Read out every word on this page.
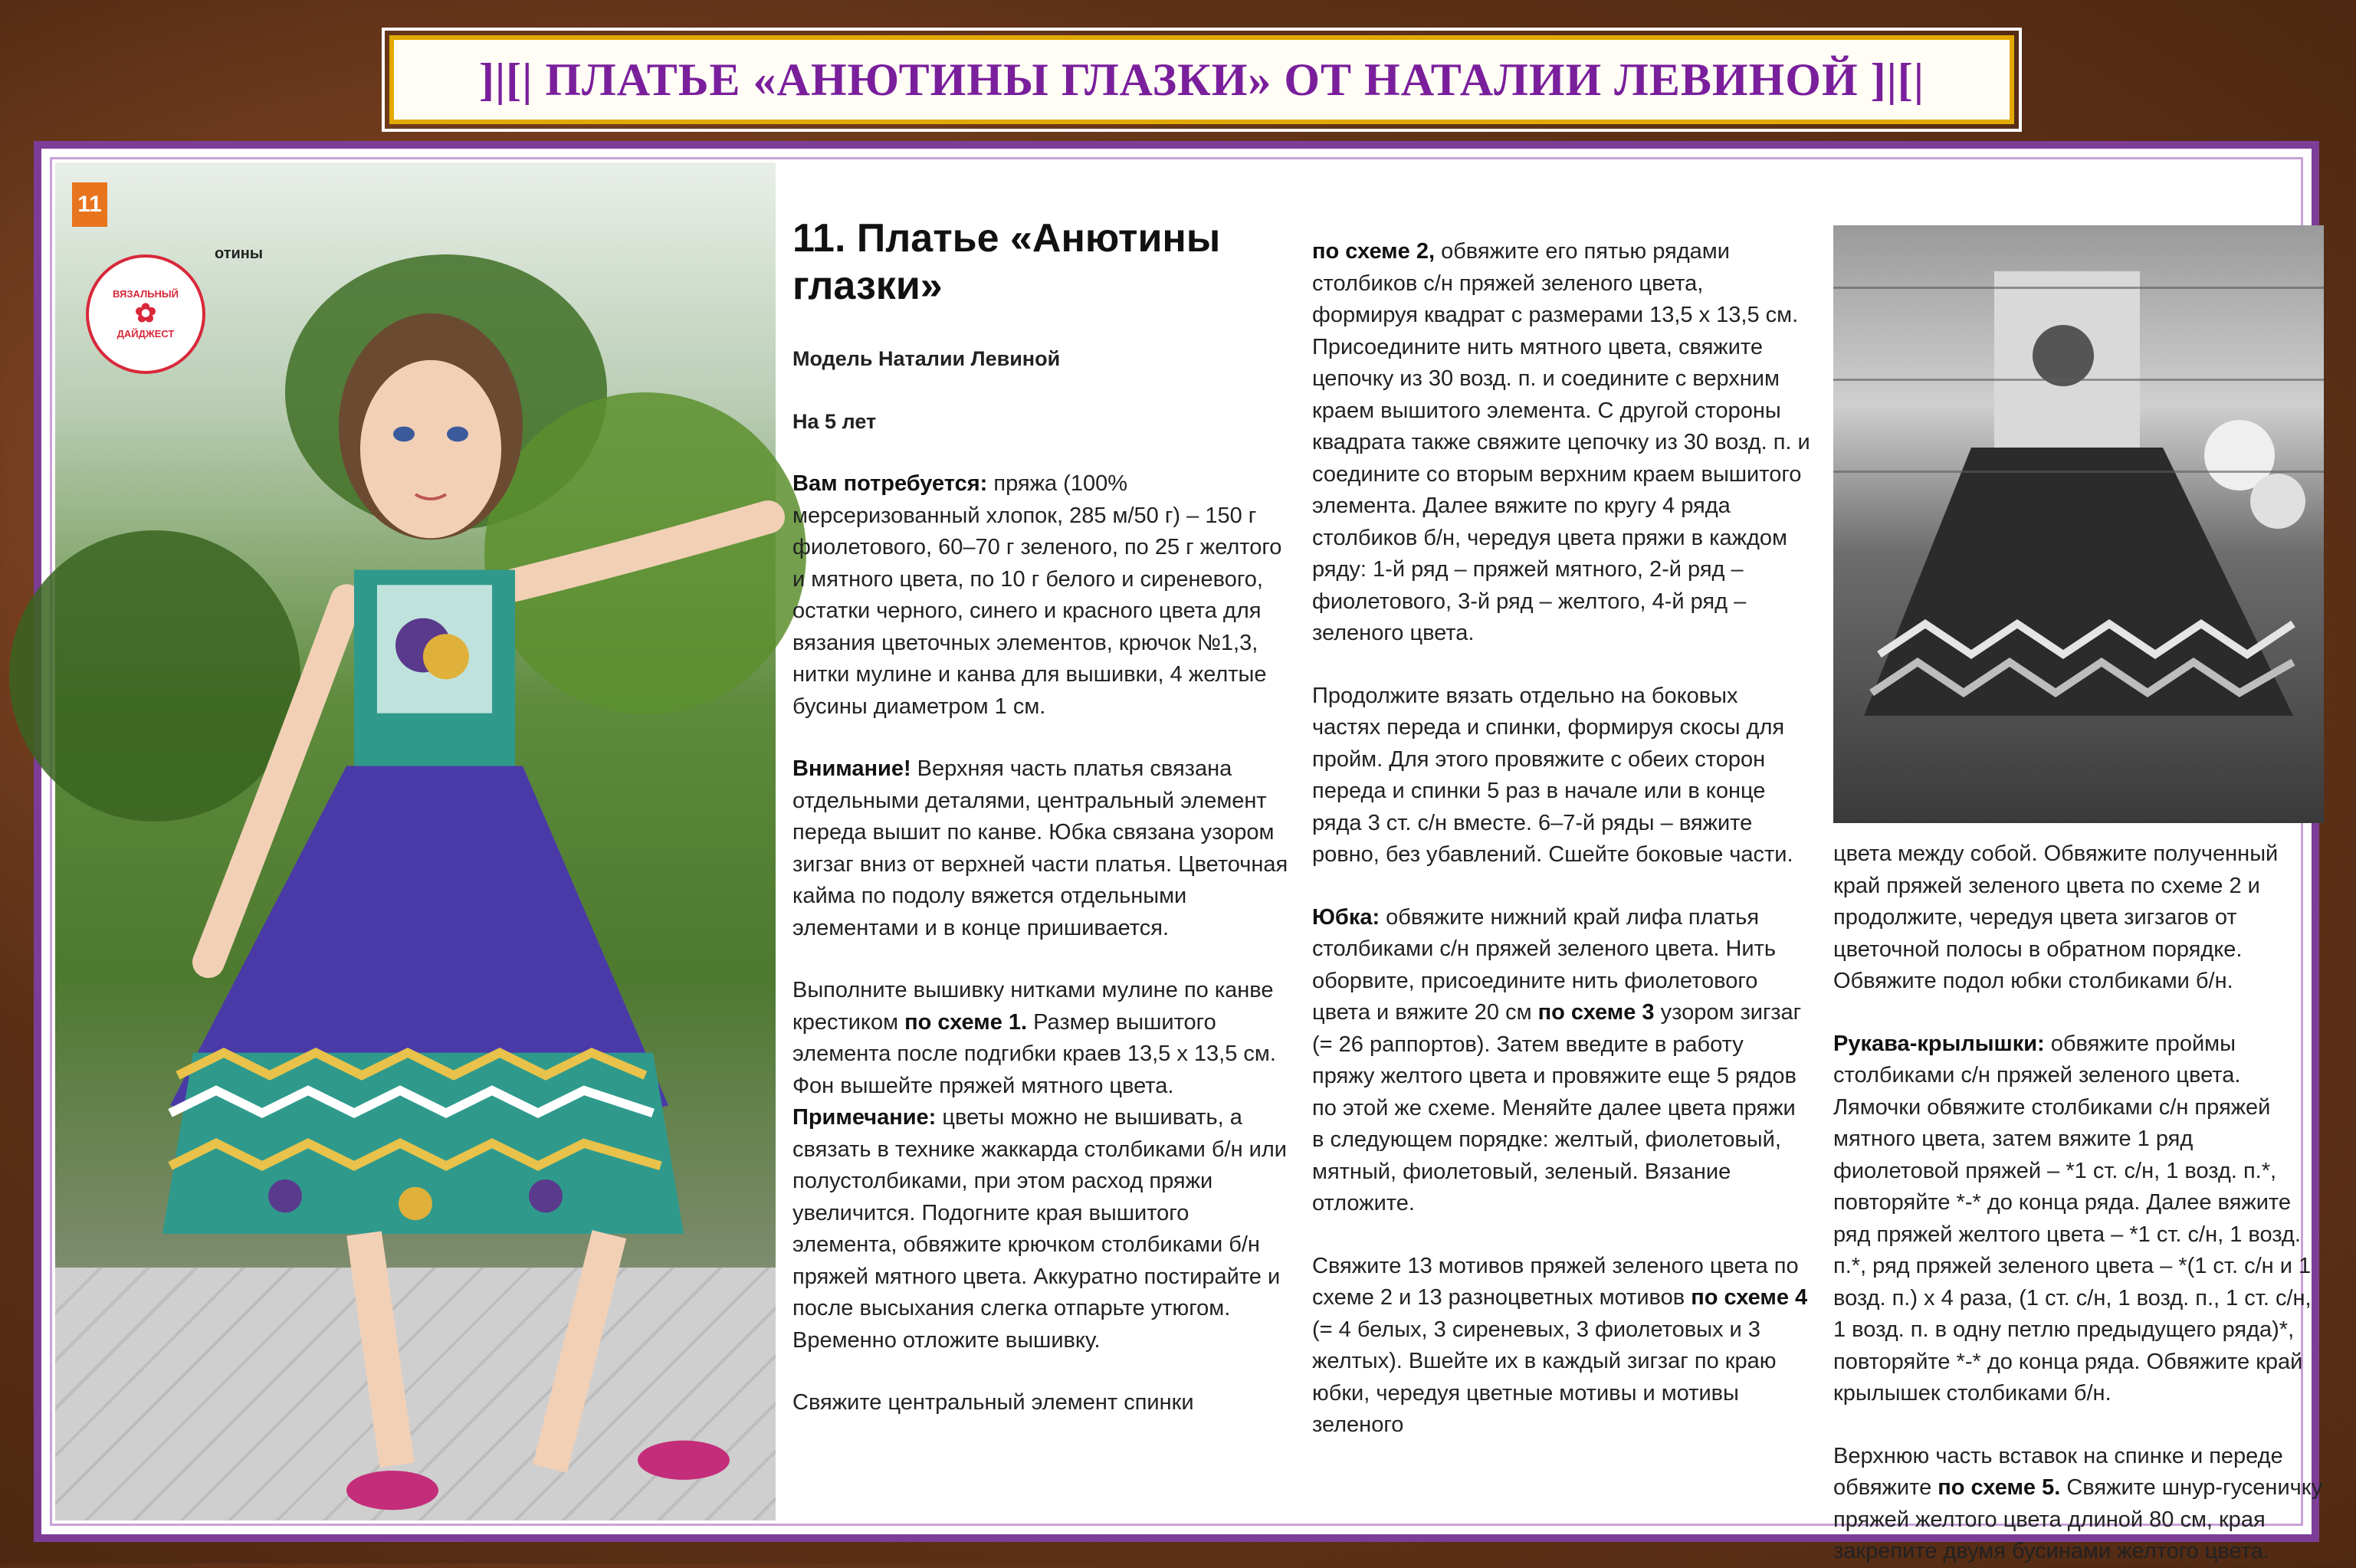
]|[| ПЛАТЬЕ «АНЮТИНЫ ГЛАЗКИ» ОТ НАТАЛИИ ЛЕВИНОЙ ]|[|
11
ВЯЗАЛЬНЫЙ
✿
ДАЙДЖЕСТ
отины	11. Платье «Анютины глазки»

Модель Наталии Левиной

На 5 лет

Вам потребуется: пряжа (100% мерсеризованный хлопок, 285 м/50 г) – 150 г фиолетового, 60–70 г зеленого, по 25 г желтого и мятного цвета, по 10 г белого и сиреневого, остатки черного, синего и красного цвета для вязания цветочных элементов, крючок №1,3, нитки мулине и канва для вышивки, 4 желтые бусины диаметром 1 см.

Внимание! Верхняя часть платья связана отдельными деталями, центральный элемент переда вышит по канве. Юбка связана узором зигзаг вниз от верхней части платья. Цветочная кайма по подолу вяжется отдельными элементами и в конце пришивается.

Выполните вышивку нитками мулине по канве крестиком по схеме 1. Размер вышитого элемента после подгибки краев 13,5 х 13,5 см. Фон вышейте пряжей мятного цвета. Примечание: цветы можно не вышивать, а связать в технике жаккарда столбиками б/н или полустолбиками, при этом расход пряжи увеличится. Подогните края вышитого элемента, обвяжите крючком столбиками б/н пряжей мятного цвета. Аккуратно постирайте и после высыхания слегка отпарьте утюгом. Временно отложите вышивку.

Свяжите центральный элемент спинки

по схеме 2, обвяжите его пятью рядами столбиков с/н пряжей зеленого цвета, формируя квадрат с размерами 13,5 х 13,5 см. Присоедините нить мятного цвета, свяжите цепочку из 30 возд. п. и соедините с верхним краем вышитого элемента. С другой стороны квадрата также свяжите цепочку из 30 возд. п. и соедините со вторым верхним краем вышитого элемента. Далее вяжите по кругу 4 ряда столбиков б/н, чередуя цвета пряжи в каждом ряду: 1-й ряд – пряжей мятного, 2-й ряд – фиолетового, 3-й ряд – желтого, 4-й ряд – зеленого цвета.

Продолжите вязать отдельно на боковых частях переда и спинки, формируя скосы для пройм. Для этого провяжите с обеих сторон переда и спинки 5 раз в начале или в конце ряда 3 ст. с/н вместе. 6–7-й ряды – вяжите ровно, без убавлений. Сшейте боковые части.

Юбка: обвяжите нижний край лифа платья столбиками с/н пряжей зеленого цвета. Нить оборвите, присоедините нить фиолетового цвета и вяжите 20 см по схеме 3 узором зигзаг (= 26 раппортов). Затем введите в работу пряжу желтого цвета и провяжите еще 5 рядов по этой же схеме. Меняйте далее цвета пряжи в следующем порядке: желтый, фиолетовый, мятный, фиолетовый, зеленый. Вязание отложите.

Свяжите 13 мотивов пряжей зеленого цвета по схеме 2 и 13 разноцветных мотивов по схеме 4 (= 4 белых, 3 сиреневых, 3 фиолетовых и 3 желтых). Вшейте их в каждый зигзаг по краю юбки, чередуя цветные мотивы и мотивы зеленого

цвета между собой. Обвяжите полученный край пряжей зеленого цвета по схеме 2 и продолжите, чередуя цвета зигзагов от цветочной полосы в обратном порядке. Обвяжите подол юбки столбиками б/н.

Рукава-крылышки: обвяжите проймы столбиками с/н пряжей зеленого цвета. Лямочки обвяжите столбиками с/н пряжей мятного цвета, затем вяжите 1 ряд фиолетовой пряжей – *1 ст. с/н, 1 возд. п.*, повторяйте *-* до конца ряда. Далее вяжите ряд пряжей желтого цвета – *1 ст. с/н, 1 возд. п.*, ряд пряжей зеленого цвета – *(1 ст. с/н и 1 возд. п.) х 4 раза, (1 ст. с/н, 1 возд. п., 1 ст. с/н, 1 возд. п. в одну петлю предыдущего ряда)*, повторяйте *-* до конца ряда. Обвяжите край крылышек столбиками б/н.

Верхнюю часть вставок на спинке и переде обвяжите по схеме 5. Свяжите шнур-гусеничку пряжей желтого цвета длиной 80 см, края закрепите двумя бусинами желтого цвета.
